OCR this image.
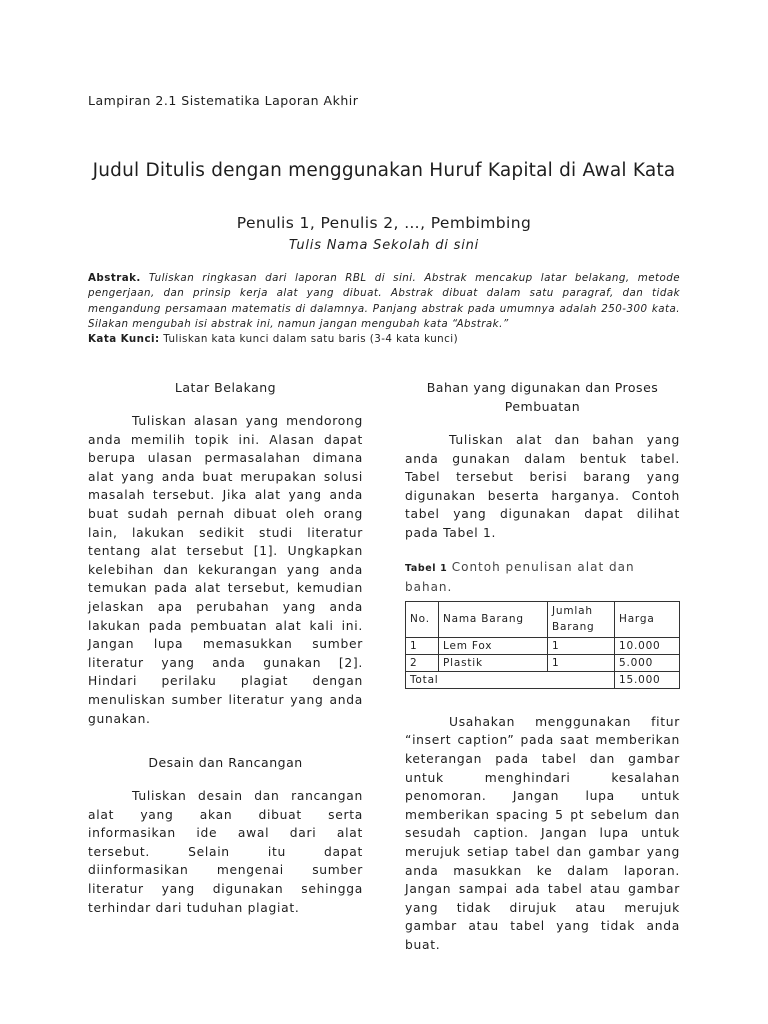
Lampiran 2.1 Sistematika Laporan Akhir
Judul Ditulis dengan menggunakan Huruf Kapital di Awal Kata
Penulis 1, Penulis 2, …, Pembimbing
Tulis Nama Sekolah di sini
Abstrak. Tuliskan ringkasan dari laporan RBL di sini. Abstrak mencakup latar belakang, metode pengerjaan, dan prinsip kerja alat yang dibuat. Abstrak dibuat dalam satu paragraf, dan tidak mengandung persamaan matematis di dalamnya. Panjang abstrak pada umumnya adalah 250-300 kata. Silakan mengubah isi abstrak ini, namun jangan mengubah kata “Abstrak.”
Kata Kunci: Tuliskan kata kunci dalam satu baris (3-4 kata kunci)
Latar Belakang

Tuliskan alasan yang mendorong anda memilih topik ini. Alasan dapat berupa ulasan permasalahan dimana alat yang anda buat merupakan solusi masalah tersebut. Jika alat yang anda buat sudah pernah dibuat oleh orang lain, lakukan sedikit studi literatur tentang alat tersebut [1]. Ungkapkan kelebihan dan kekurangan yang anda temukan pada alat tersebut, kemudian jelaskan apa perubahan yang anda lakukan pada pembuatan alat kali ini. Jangan lupa memasukkan sumber literatur yang anda gunakan [2]. Hindari perilaku plagiat dengan menuliskan sumber literatur yang anda gunakan.

Desain dan Rancangan

Tuliskan desain dan rancangan alat yang akan dibuat serta informasikan ide awal dari alat tersebut. Selain itu dapat diinformasikan mengenai sumber literatur yang digunakan sehingga terhindar dari tuduhan plagiat.

Bahan yang digunakan dan Proses Pembuatan

Tuliskan alat dan bahan yang anda gunakan dalam bentuk tabel. Tabel tersebut berisi barang yang digunakan beserta harganya. Contoh tabel yang digunakan dapat dilihat pada Tabel 1.

Tabel 1 Contoh penulisan alat dan bahan.
No.	Nama Barang	Jumlah Barang	Harga
1	Lem Fox	1	10.000
2	Plastik	1	5.000
Total			15.000

Usahakan menggunakan fitur “insert caption” pada saat memberikan keterangan pada tabel dan gambar untuk menghindari kesalahan penomoran. Jangan lupa untuk memberikan spacing 5 pt sebelum dan sesudah caption. Jangan lupa untuk merujuk setiap tabel dan gambar yang anda masukkan ke dalam laporan. Jangan sampai ada tabel atau gambar yang tidak dirujuk atau merujuk gambar atau tabel yang tidak anda buat.
